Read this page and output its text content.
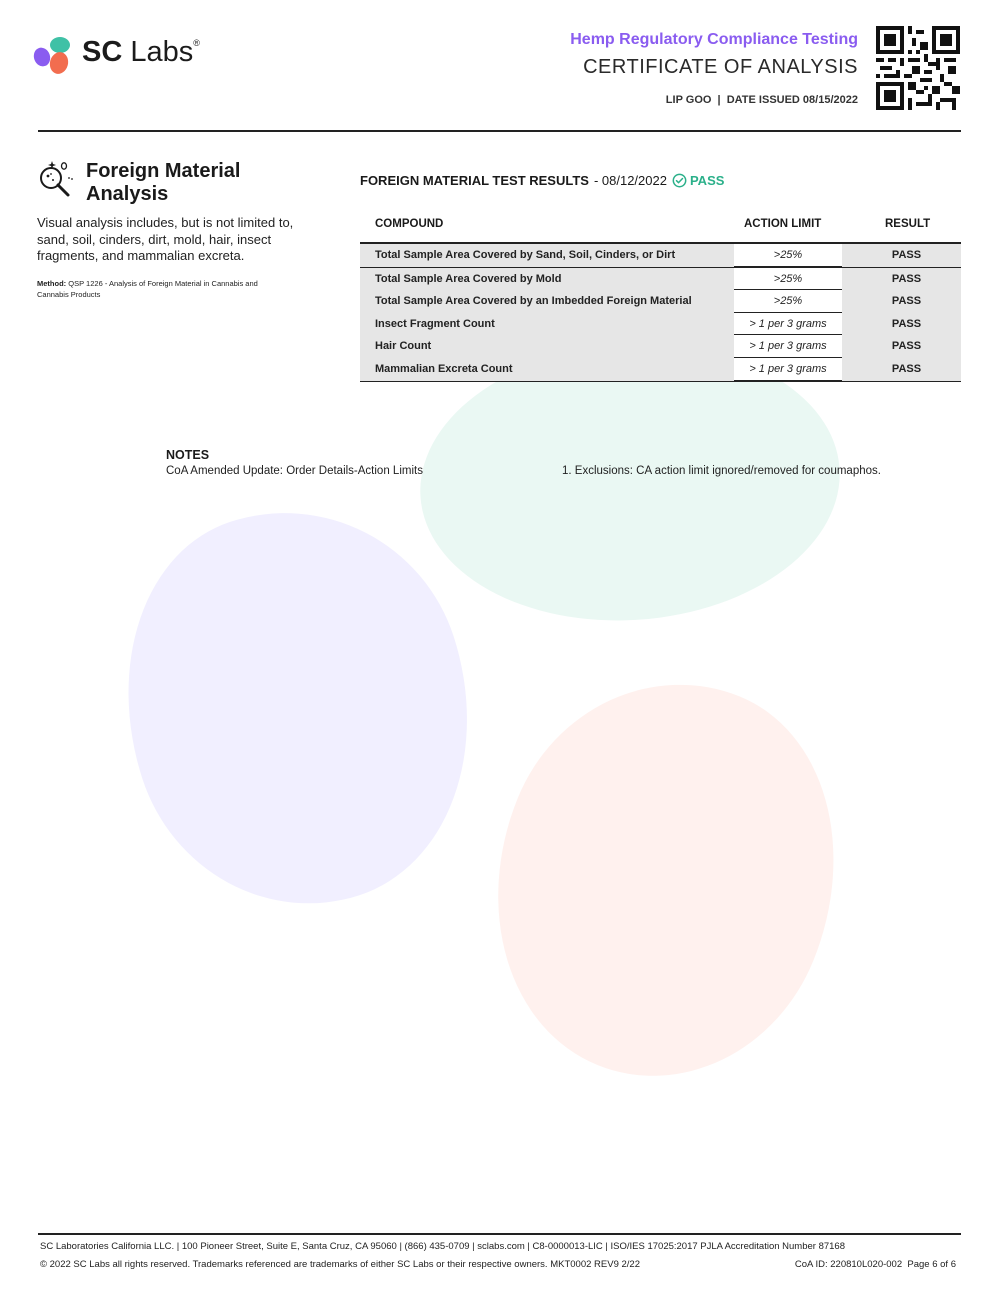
SC Labs®	Hemp Regulatory Compliance Testing
CERTIFICATE OF ANALYSIS
LIP GOO  |  DATE ISSUED 08/15/2022
Foreign Material
Analysis
Visual analysis includes, but is not limited to, sand, soil, cinders, dirt, mold, hair, insect fragments, and mammalian excreta.
Method: QSP 1226 - Analysis of Foreign Material in Cannabis and Cannabis Products
FOREIGN MATERIAL TEST RESULTS - 08/12/2022 PASS
COMPOUND	ACTION LIMIT	RESULT
Total Sample Area Covered by Sand, Soil, Cinders, or Dirt	>25%	PASS
Total Sample Area Covered by Mold	>25%	PASS
Total Sample Area Covered by an Imbedded Foreign Material	>25%	PASS
Insect Fragment Count	> 1 per 3 grams	PASS
Hair Count	> 1 per 3 grams	PASS
Mammalian Excreta Count	> 1 per 3 grams	PASS
NOTES
CoA Amended Update: Order Details-Action Limits	1. Exclusions: CA action limit ignored/removed for coumaphos.
SC Laboratories California LLC. | 100 Pioneer Street, Suite E, Santa Cruz, CA 95060 | (866) 435-0709 | sclabs.com | C8-0000013-LIC | ISO/IES 17025:2017 PJLA Accreditation Number 87168
© 2022 SC Labs all rights reserved. Trademarks referenced are trademarks of either SC Labs or their respective owners. MKT0002 REV9 2/22	CoA ID: 220810L020-002  Page 6 of 6
